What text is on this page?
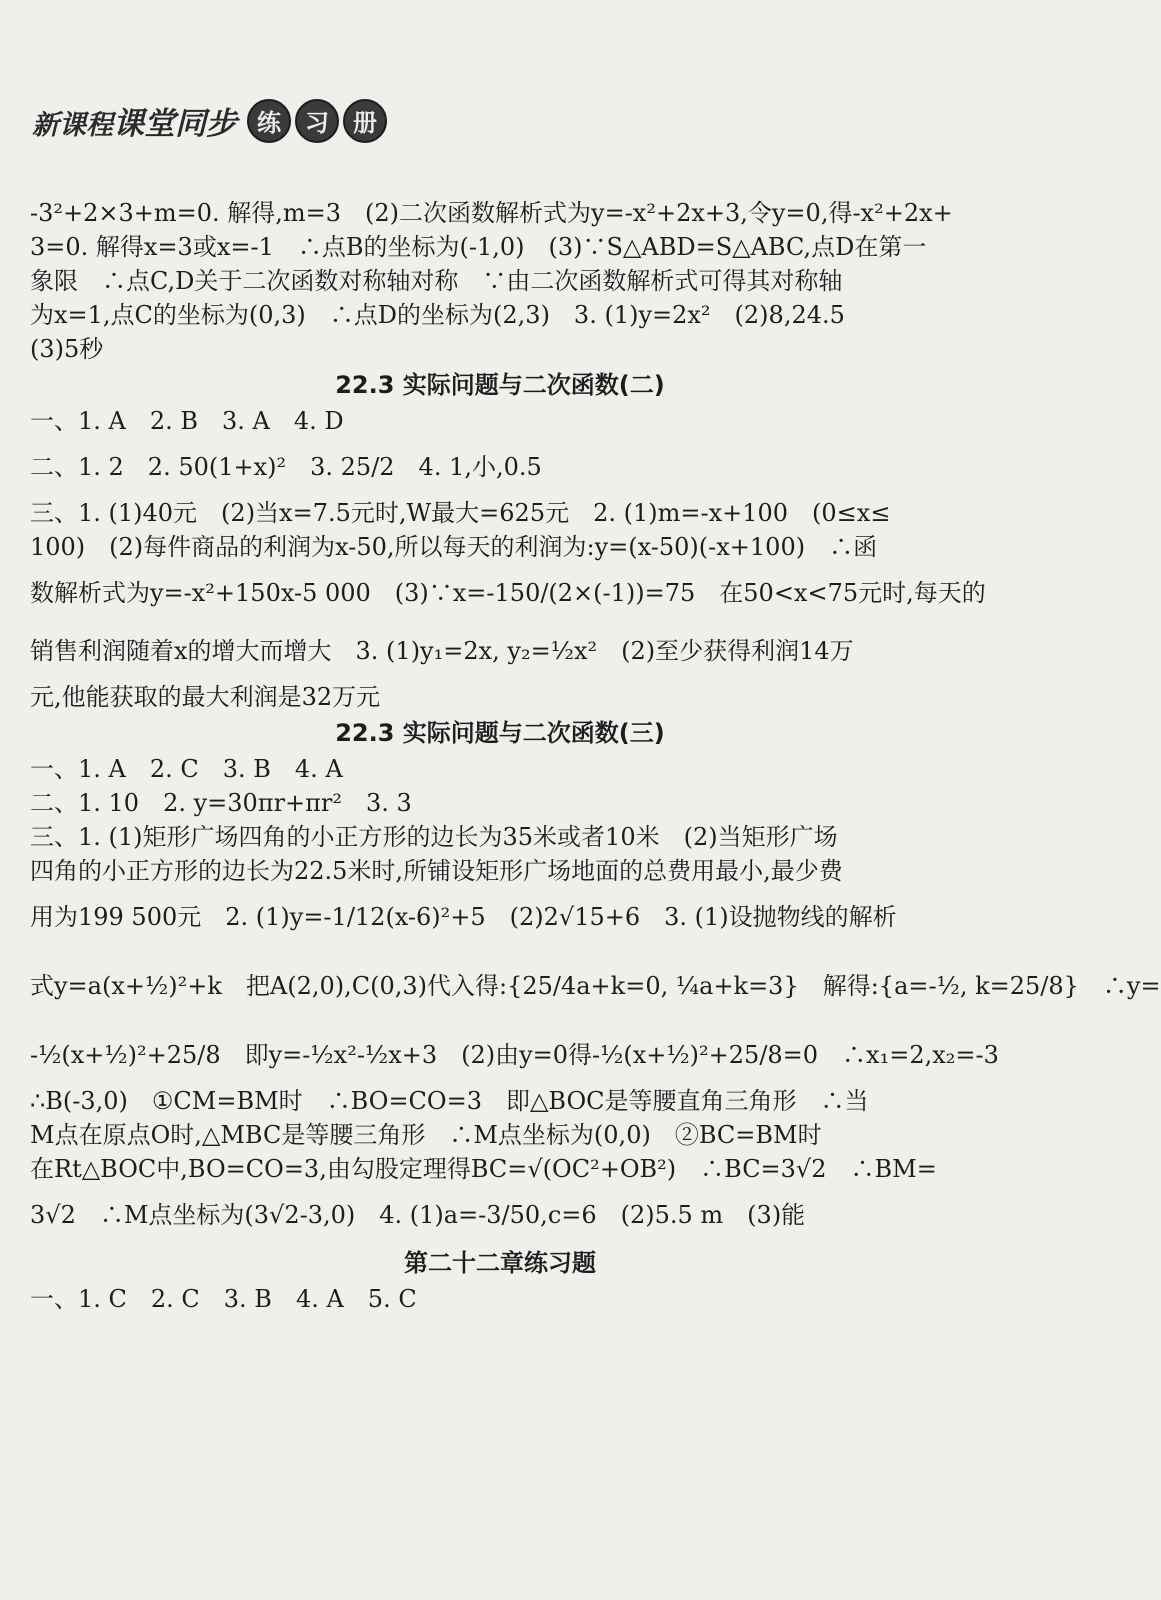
新课程课堂同步 练	习	册
-3²+2×3+m=0. 解得,m=3　(2)二次函数解析式为y=-x²+2x+3,令y=0,得-x²+2x+
3=0. 解得x=3或x=-1　∴点B的坐标为(-1,0)　(3)∵S△ABD=S△ABC,点D在第一
象限　∴点C,D关于二次函数对称轴对称　∵由二次函数解析式可得其对称轴
为x=1,点C的坐标为(0,3)　∴点D的坐标为(2,3)　3. (1)y=2x²　(2)8,24.5
(3)5秒
22.3 实际问题与二次函数(二)
一、1. A　2. B　3. A　4. D
二、1. 2　2. 50(1+x)²　3. 25/2　4. 1,小,0.5
三、1. (1)40元　(2)当x=7.5元时,W最大=625元　2. (1)m=-x+100　(0≤x≤
100)　(2)每件商品的利润为x-50,所以每天的利润为:y=(x-50)(-x+100)　∴函
数解析式为y=-x²+150x-5 000　(3)∵x=-150/(2×(-1))=75　在50<x<75元时,每天的
销售利润随着x的增大而增大　3. (1)y₁=2x, y₂=½x²　(2)至少获得利润14万
元,他能获取的最大利润是32万元
22.3 实际问题与二次函数(三)
一、1. A　2. C　3. B　4. A
二、1. 10　2. y=30πr+πr²　3. 3
三、1. (1)矩形广场四角的小正方形的边长为35米或者10米　(2)当矩形广场
四角的小正方形的边长为22.5米时,所铺设矩形广场地面的总费用最小,最少费
用为199 500元　2. (1)y=-1/12(x-6)²+5　(2)2√15+6　3. (1)设抛物线的解析
式y=a(x+½)²+k　把A(2,0),C(0,3)代入得:{25/4a+k=0, ¼a+k=3}　解得:{a=-½, k=25/8}　∴y=
-½(x+½)²+25/8　即y=-½x²-½x+3　(2)由y=0得-½(x+½)²+25/8=0　∴x₁=2,x₂=-3
∴B(-3,0)　①CM=BM时　∴BO=CO=3　即△BOC是等腰直角三角形　∴当
M点在原点O时,△MBC是等腰三角形　∴M点坐标为(0,0)　②BC=BM时
在Rt△BOC中,BO=CO=3,由勾股定理得BC=√(OC²+OB²)　∴BC=3√2　∴BM=
3√2　∴M点坐标为(3√2-3,0)　4. (1)a=-3/50,c=6　(2)5.5 m　(3)能
第二十二章练习题
一、1. C　2. C　3. B　4. A　5. C
